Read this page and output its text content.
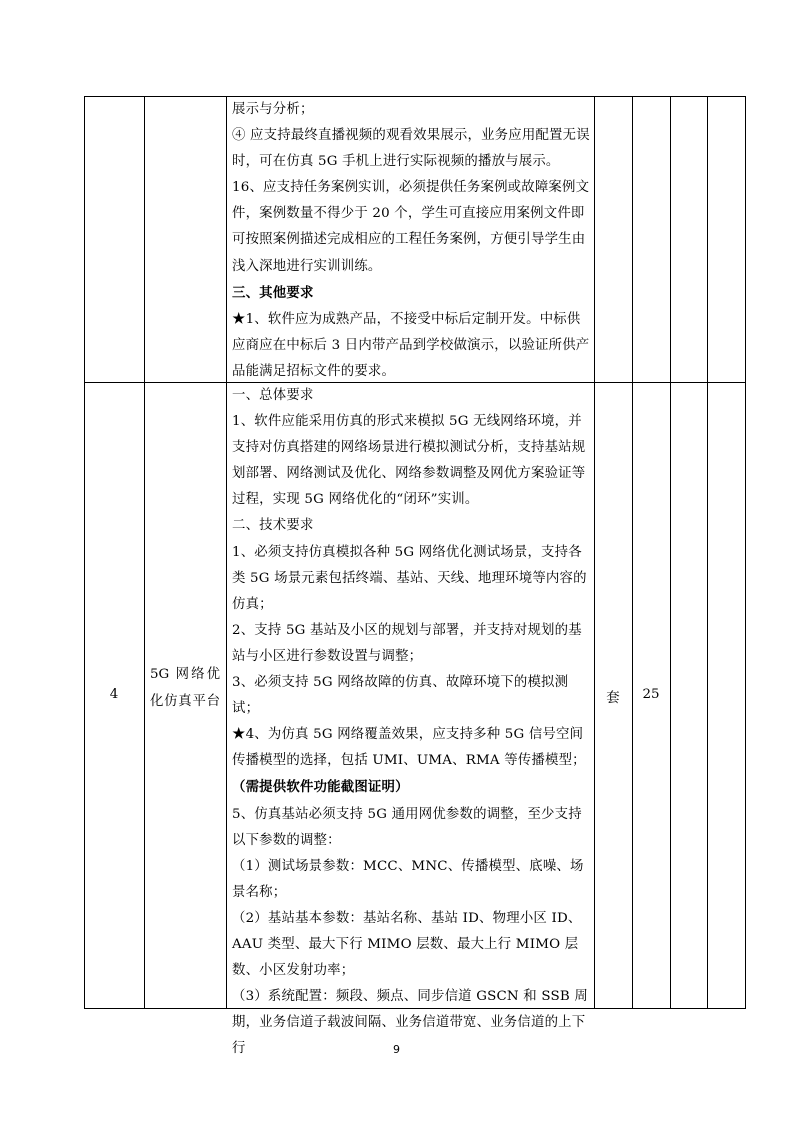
展示与分析；

④ 应支持最终直播视频的观看效果展示，业务应用配置无误时，可在仿真 5G 手机上进行实际视频的播放与展示。

16、应支持任务案例实训，必须提供任务案例或故障案例文件，案例数量不得少于 20 个，学生可直接应用案例文件即可按照案例描述完成相应的工程任务案例，方便引导学生由浅入深地进行实训训练。

三、其他要求

★1、软件应为成熟产品，不接受中标后定制开发。中标供应商应在中标后 3 日内带产品到学校做演示，以验证所供产品能满足招标文件的要求。

4
5G 网络优化仿真平台

一、总体要求

1、软件应能采用仿真的形式来模拟 5G 无线网络环境，并支持对仿真搭建的网络场景进行模拟测试分析，支持基站规划部署、网络测试及优化、网络参数调整及网优方案验证等过程，实现 5G 网络优化的“闭环”实训。

二、技术要求

1、必须支持仿真模拟各种 5G 网络优化测试场景，支持各类 5G 场景元素包括终端、基站、天线、地理环境等内容的仿真；

2、支持 5G 基站及小区的规划与部署，并支持对规划的基站与小区进行参数设置与调整；

3、必须支持 5G 网络故障的仿真、故障环境下的模拟测试；

★4、为仿真 5G 网络覆盖效果，应支持多种 5G 信号空间传播模型的选择，包括 UMI、UMA、RMA 等传播模型；（需提供软件功能截图证明）

5、仿真基站必须支持 5G 通用网优参数的调整，至少支持以下参数的调整：

（1）测试场景参数：MCC、MNC、传播模型、底噪、场景名称；

（2）基站基本参数：基站名称、基站 ID、物理小区 ID、AAU 类型、最大下行 MIMO 层数、最大上行 MIMO 层数、小区发射功率；

（3）系统配置：频段、频点、同步信道 GSCN 和 SSB 周期，业务信道子载波间隔、业务信道带宽、业务信道的上下行

套	25
9
